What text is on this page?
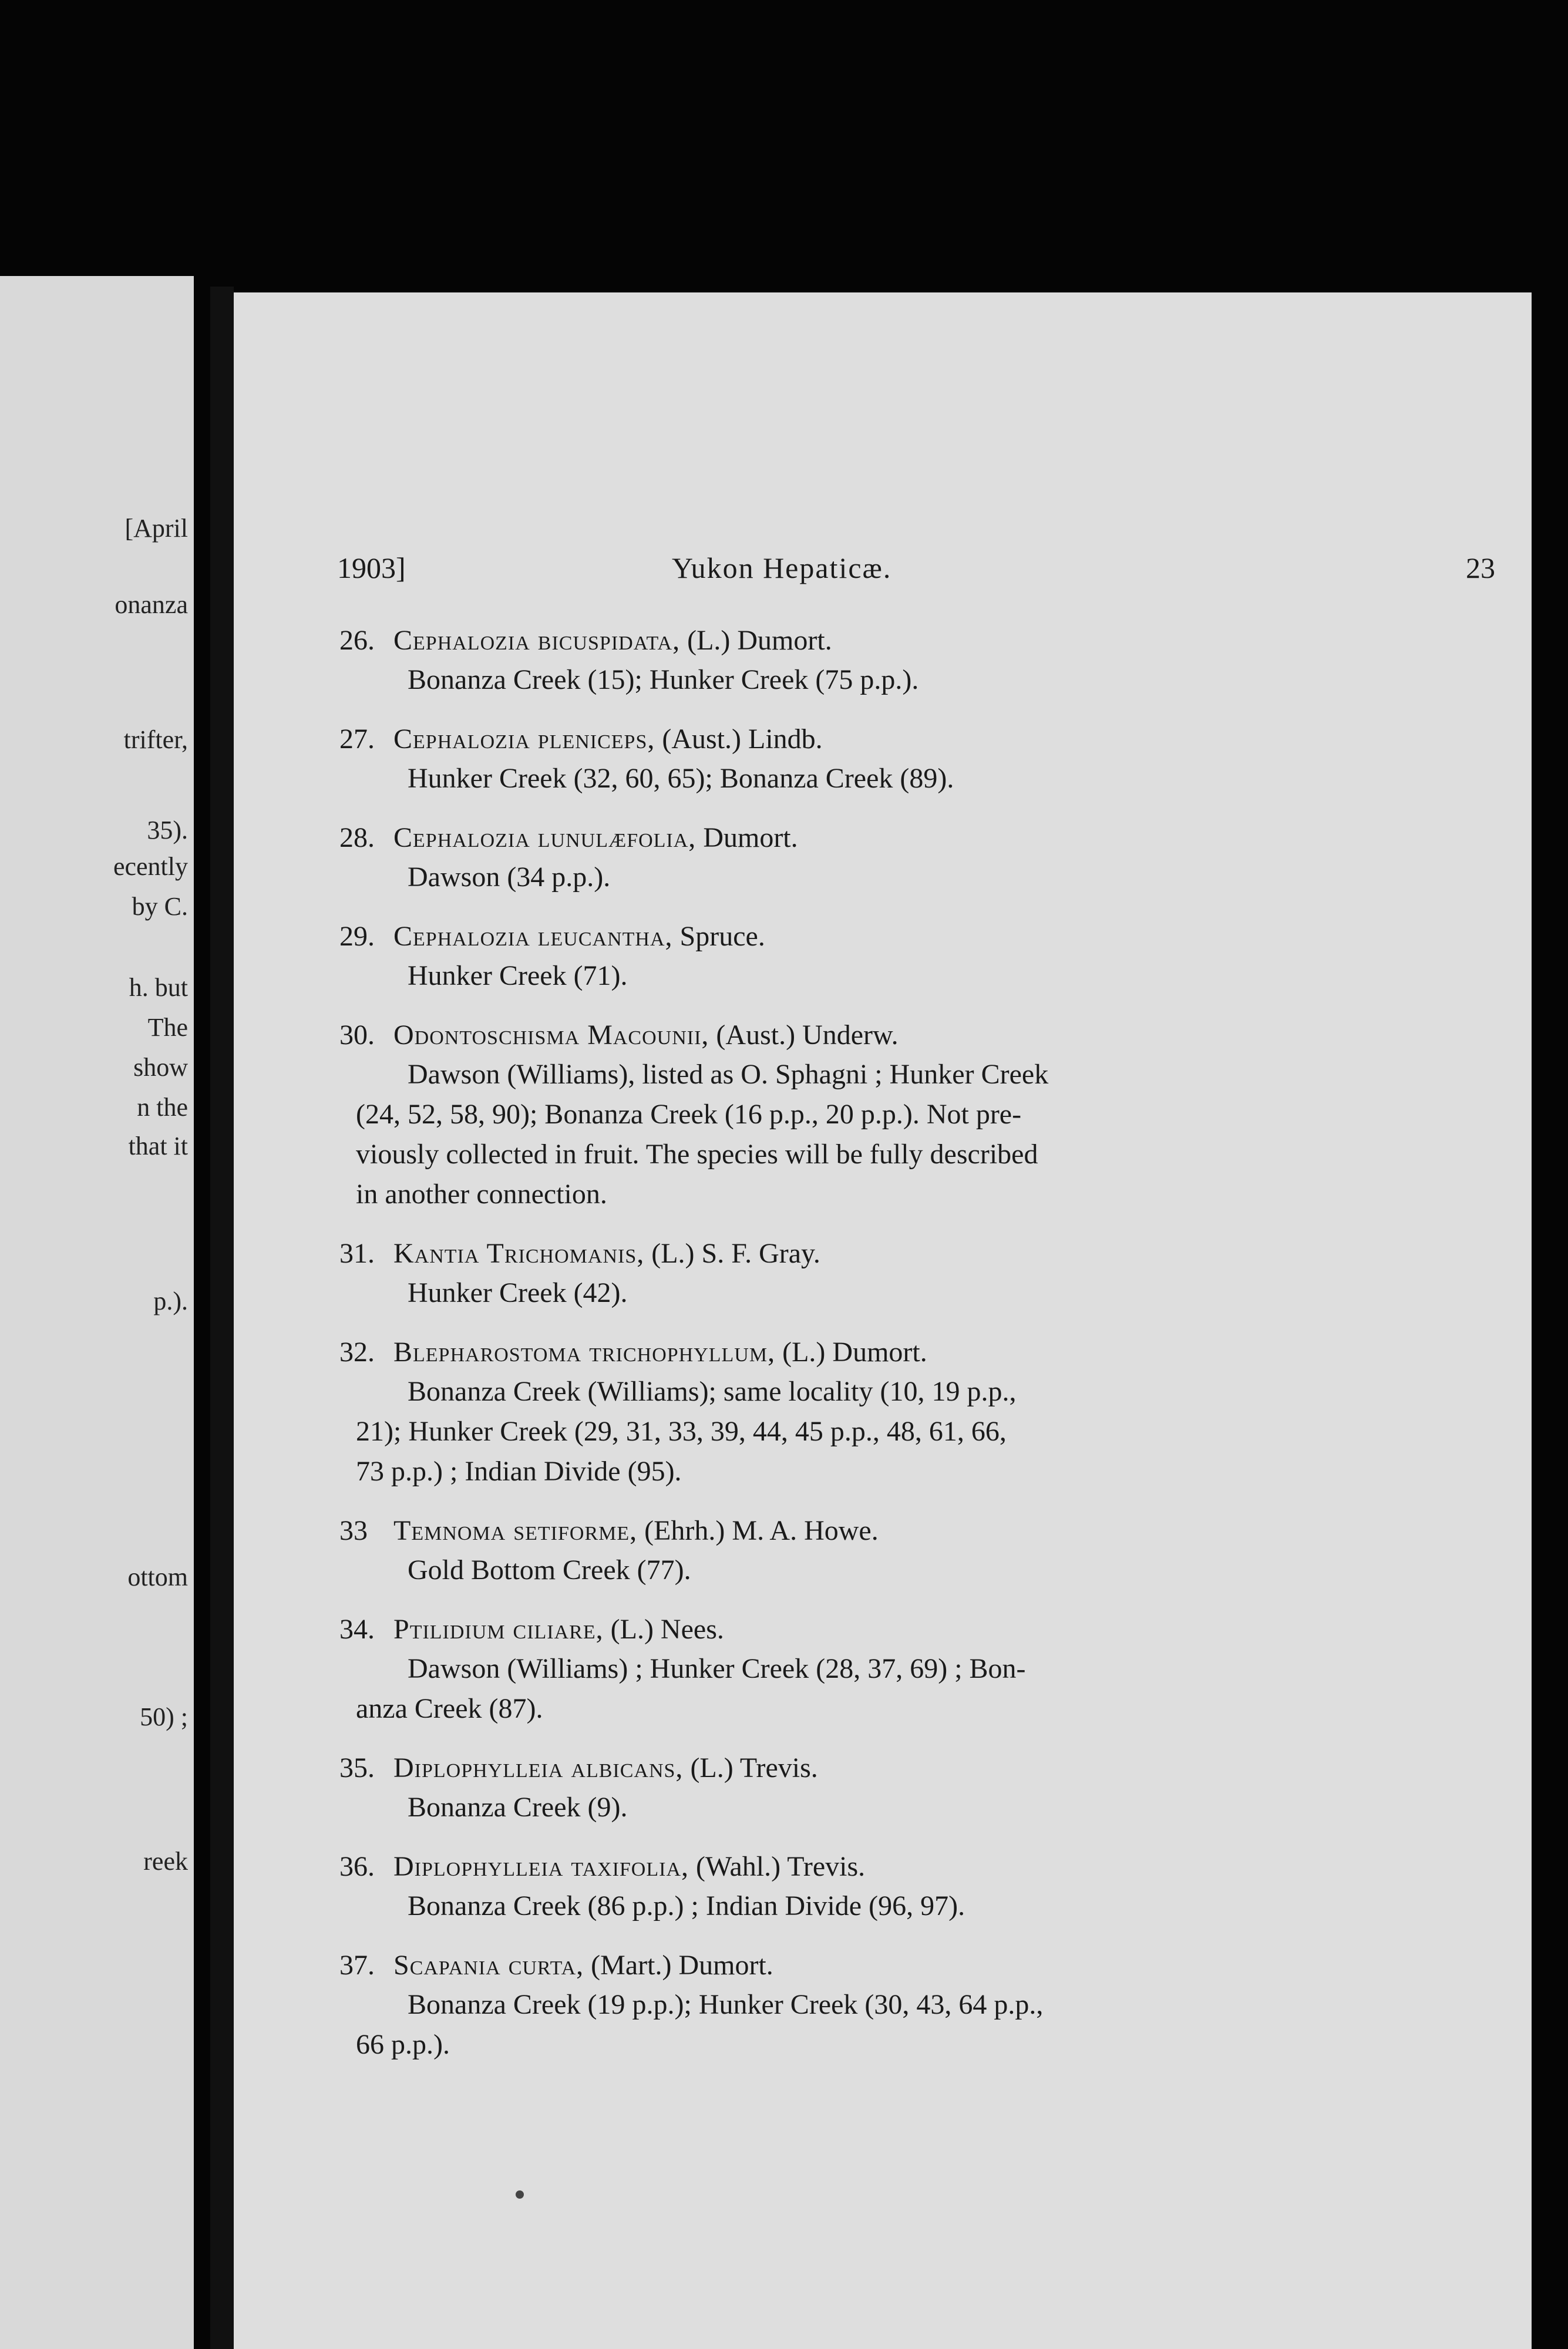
[April
onanza
trifter,
35).
ecently
by C.
h. but
The
show
n the
that it
p.).
ottom
50) ;
reek
1903]	Yukon Hepaticæ.	23
26. Cephalozia bicuspidata, (L.) Dumort.
Bonanza Creek (15); Hunker Creek (75 p.p.).
27. Cephalozia pleniceps, (Aust.) Lindb.
Hunker Creek (32, 60, 65); Bonanza Creek (89).
28. Cephalozia lunulæfolia, Dumort.
Dawson (34 p.p.).
29. Cephalozia leucantha, Spruce.
Hunker Creek (71).
30. Odontoschisma Macounii, (Aust.) Underw.
Dawson (Williams), listed as O. Sphagni ; Hunker Creek
(24, 52, 58, 90); Bonanza Creek (16 p.p., 20 p.p.). Not pre-
viously collected in fruit. The species will be fully described
in another connection.
31. Kantia Trichomanis, (L.) S. F. Gray.
Hunker Creek (42).
32. Blepharostoma trichophyllum, (L.) Dumort.
Bonanza Creek (Williams); same locality (10, 19 p.p.,
21); Hunker Creek (29, 31, 33, 39, 44, 45 p.p., 48, 61, 66,
73 p.p.) ; Indian Divide (95).
33 Temnoma setiforme, (Ehrh.) M. A. Howe.
Gold Bottom Creek (77).
34. Ptilidium ciliare, (L.) Nees.
Dawson (Williams) ; Hunker Creek (28, 37, 69) ; Bon-
anza Creek (87).
35. Diplophylleia albicans, (L.) Trevis.
Bonanza Creek (9).
36. Diplophylleia taxifolia, (Wahl.) Trevis.
Bonanza Creek (86 p.p.) ; Indian Divide (96, 97).
37. Scapania curta, (Mart.) Dumort.
Bonanza Creek (19 p.p.); Hunker Creek (30, 43, 64 p.p.,
66 p.p.).
